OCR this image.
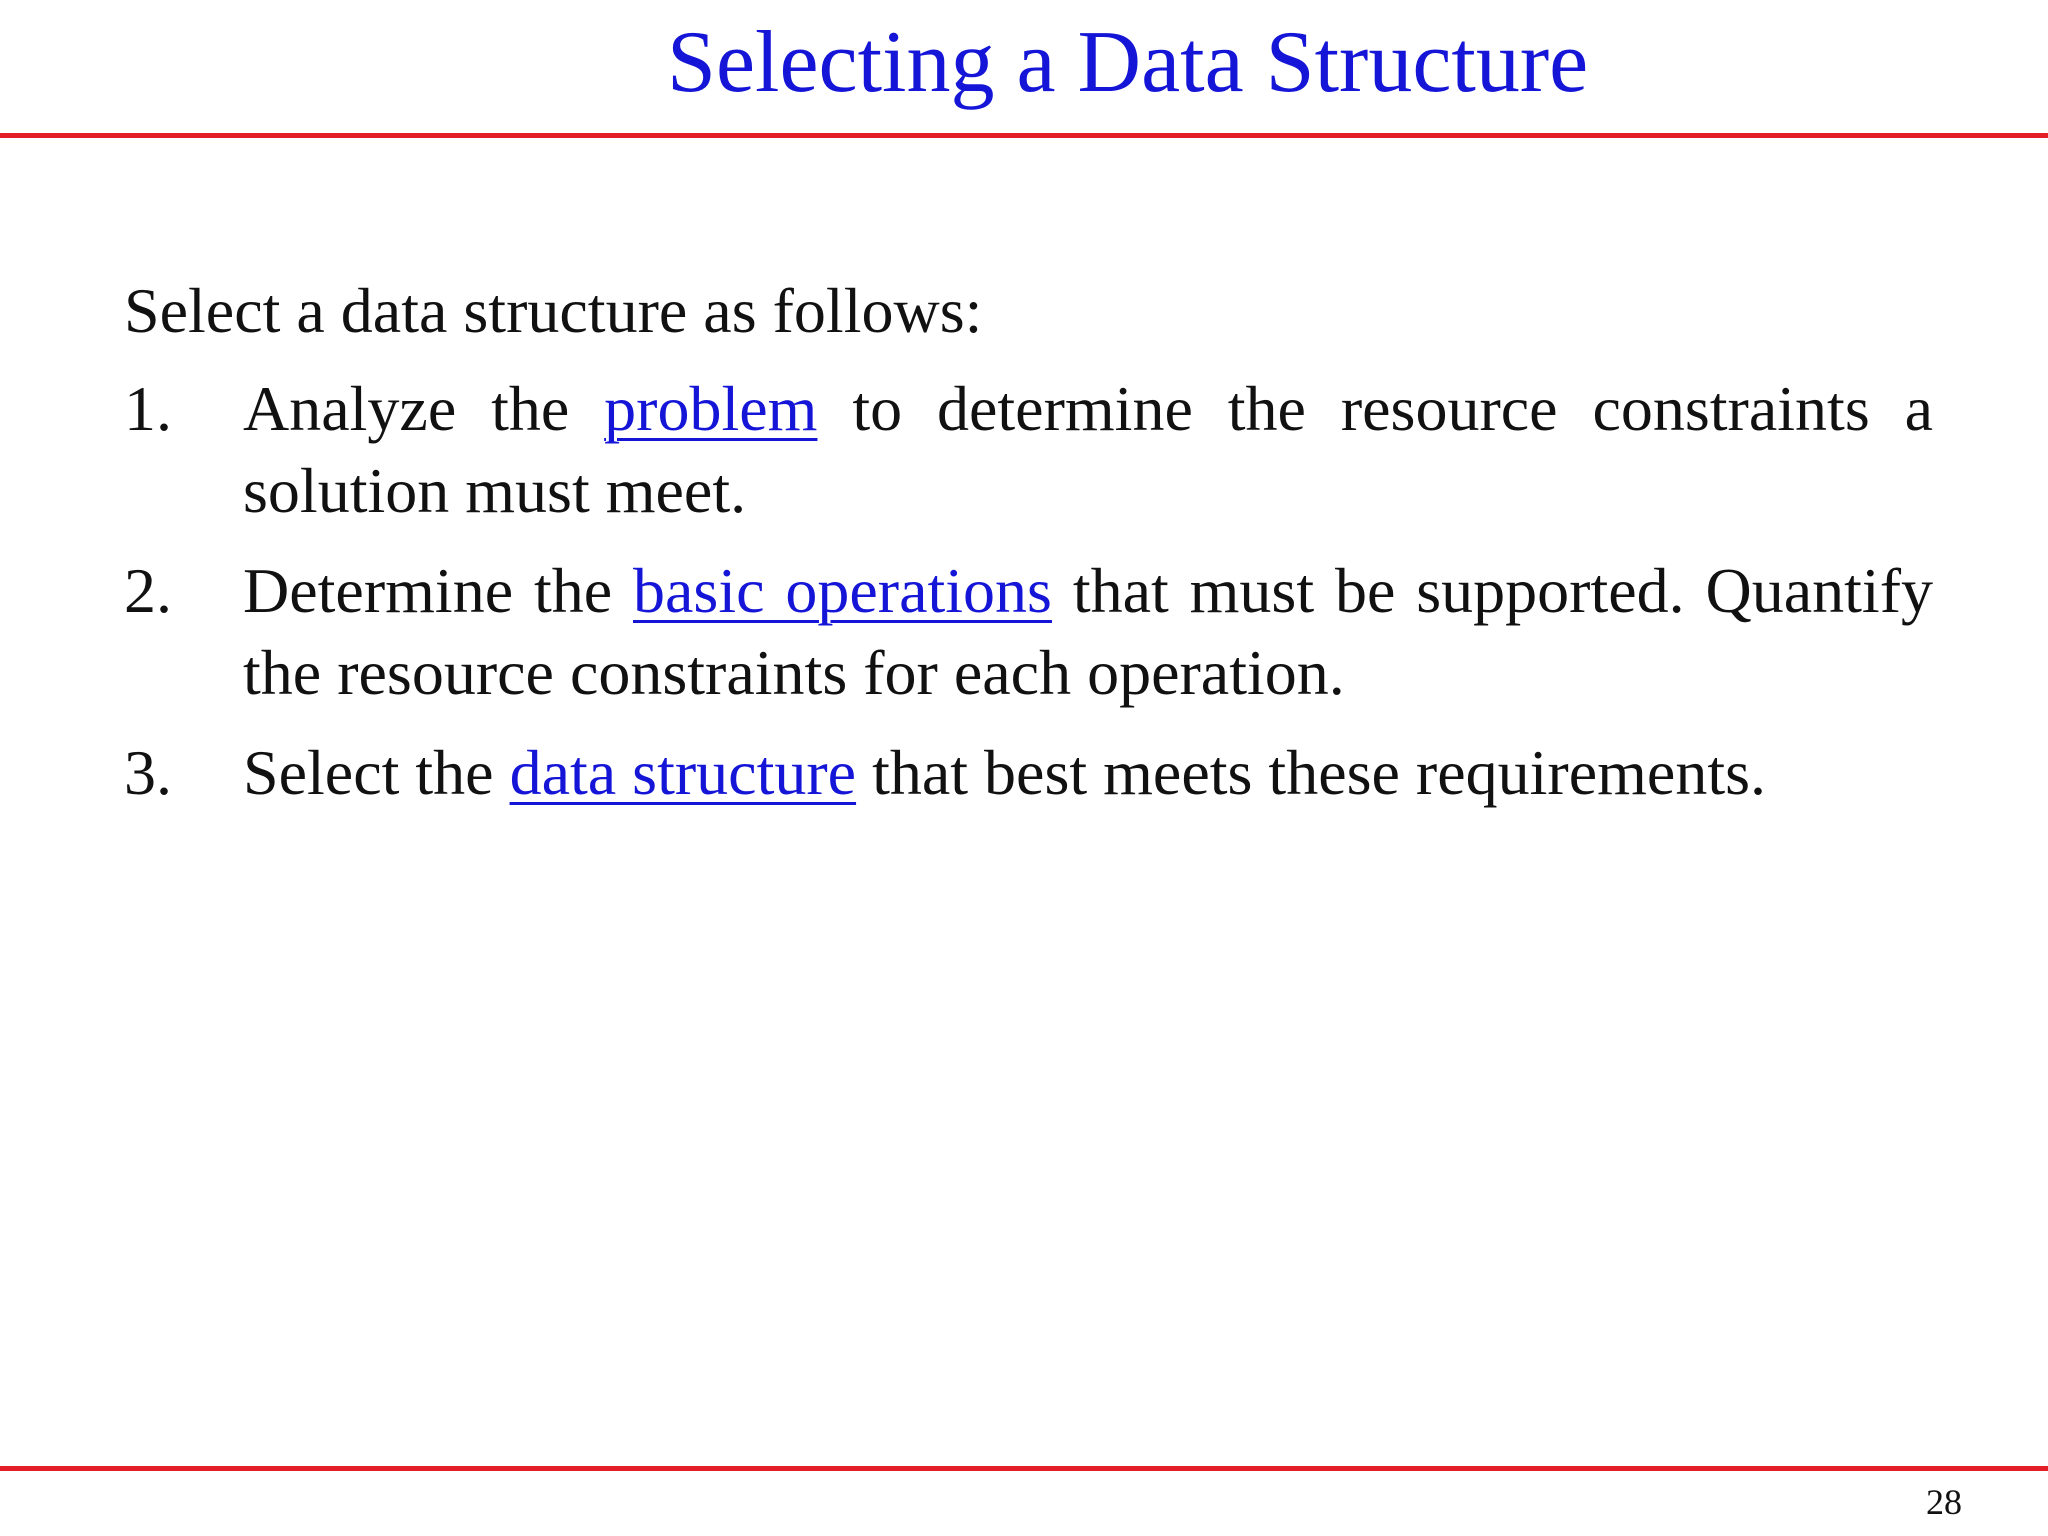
Selecting a Data Structure

Select a data structure as follows:

1. Analyze the problem to determine the resource constraints a solution must meet.
2. Determine the basic operations that must be supported. Quantify the resource constraints for each operation.
3. Select the data structure that best meets these requirements.
28
